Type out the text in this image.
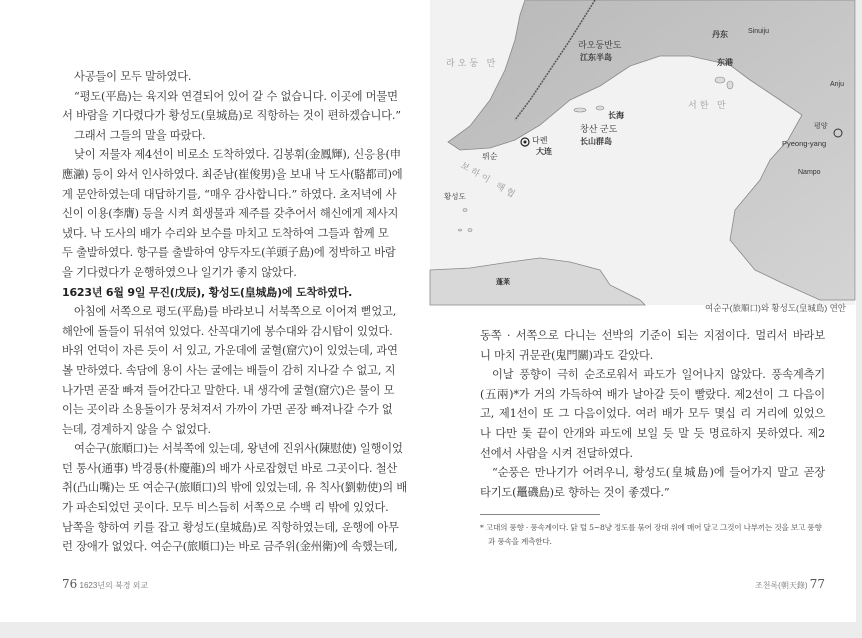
사공들이 모두 말하였다.
“평도(平島)는 육지와 연결되어 있어 갈 수 없습니다. 이곳에 머물면
서 바람을 기다렸다가 황성도(皇城島)로 직항하는 것이 편하겠습니다.”
그래서 그들의 말을 따랐다.
낮이 저물자 제4선이 비로소 도착하였다. 김봉휘(金鳳輝), 신응용(申
應瀜) 등이 와서 인사하였다. 최준남(崔俊男)을 보내 낙 도사(駱都司)에
게 문안하였는데 대답하기를, “매우 감사합니다.” 하였다. 초저녁에 사
신이 이용(李膺) 등을 시켜 희생물과 제주를 갖추어서 해신에게 제사지
냈다. 낙 도사의 배가 수리와 보수를 마치고 도착하여 그들과 함께 모
두 출발하였다. 항구를 출발하여 양두자도(羊頭子島)에 정박하고 바람
을 기다렸다가 운행하였으나 일기가 좋지 않았다.
1623년 6월 9일 무진(戊辰), 황성도(皇城島)에 도착하였다.
아침에 서쪽으로 평도(平島)를 바라보니 서북쪽으로 이어져 뻗었고,
해안에 돌들이 뒤섞여 있었다. 산꼭대기에 봉수대와 감시탑이 있었다.
바위 언덕이 자른 듯이 서 있고, 가운데에 굴혈(窟穴)이 있었는데, 과연
볼 만하였다. 속담에 용이 사는 굴에는 배들이 감히 지나갈 수 없고, 지
나가면 곧잘 빠져 들어간다고 말한다. 내 생각에 굴혈(窟穴)은 물이 모
이는 곳이라 소용돌이가 뭉쳐져서 가까이 가면 곧장 빠져나갈 수가 없
는데, 경계하지 않을 수 없었다.
여순구(旅順口)는 서북쪽에 있는데, 왕년에 진위사(陳慰使) 일행이었
던 통사(通事) 박경룡(朴慶龍)의 배가 사로잡혔던 바로 그곳이다. 철산
취(凸山嘴)는 또 여순구(旅順口)의 밖에 있었는데, 유 칙사(劉勅使)의 배
가 파손되었던 곳이다. 모두 비스듬히 서쪽으로 수백 리 밖에 있었다.
남쪽을 향하여 키를 잡고 황성도(皇城島)로 직항하였는데, 운행에 아무
런 장애가 없었다. 여순구(旅順口)는 바로 금주위(金州衛)에 속했는데,
76 1623년의 북경 외교
라오둥 만
라오둥반도
江东半岛
다롄
大连
뤼순
창산 군도
长山群岛
长海
东港
丹东	Sinuiju
서한 만
Anju
평양
Pyeong-yang
Nampo
보하이 해협
황성도
蓬莱
여순구(旅順口)와 황성도(皇城島) 연안
동쪽 · 서쪽으로 다니는 선박의 기준이 되는 지점이다. 멀리서 바라보
니 마치 귀문관(鬼門關)과도 같았다.
이날 풍향이 극히 순조로워서 파도가 일어나지 않았다. 풍속계측기
(五兩)*가 거의 가득하여 배가 날아갈 듯이 빨랐다. 제2선이 그 다음이
고, 제1선이 또 그 다음이었다. 여러 배가 모두 몇십 리 거리에 있었으
나 다만 돛 끝이 안개와 파도에 보일 듯 말 듯 명료하지 못하였다. 제2
선에서 사람을 시켜 전달하였다.
“순풍은 만나기가 어려우니, 황성도(皇城島)에 들어가지 말고 곧장
타기도(鼉磯島)로 향하는 것이 좋겠다.”
* 고대의 풍향 · 풍속계이다. 닭 털 5~8냥 정도를 묶어 장대 위에 매어 달고 그것이 나부끼는 것을 보고 풍향과 풍속을 계측한다.
조천록(朝天錄) 77
